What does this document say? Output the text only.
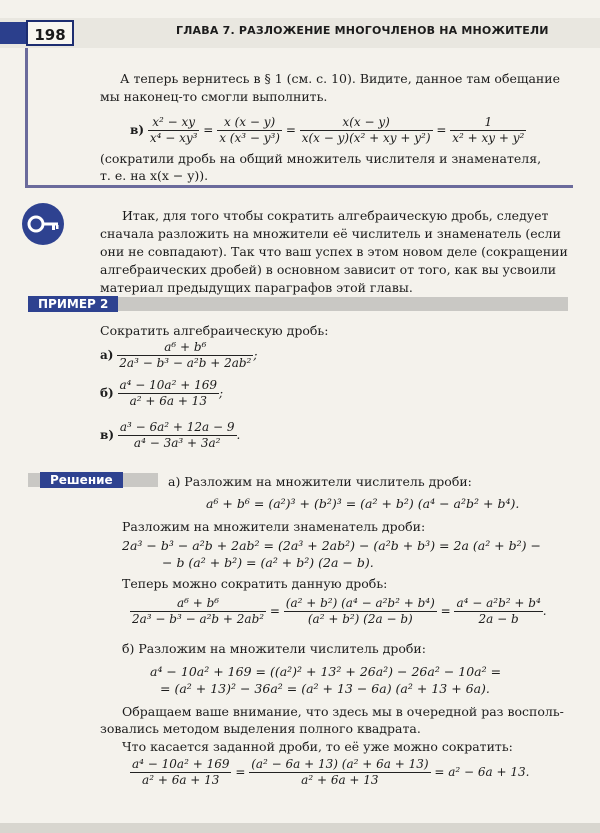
198	ГЛАВА 7. РАЗЛОЖЕНИЕ МНОГОЧЛЕНОВ НА МНОЖИТЕЛИ
А теперь вернитесь в § 1 (см. с. 10). Видите, данное там обещание
мы наконец-то смогли выполнить.
$в) \frac{\text{x² − xy}}{\text{x⁴ − xy³}} = \frac{x (x - y)}{\text{x (x³ − y³)}} = \frac{x(x - y)}{\text{x(x − y)(x² + xy + y²)}} = \frac{1}{\text{x² + xy + y²}}$
(сократили дробь на общий множитель числителя и знаменателя,
т. е. на x(x − y)).
Итак, для того чтобы сократить алгебраическую дробь, следует
сначала разложить на множители её числитель и знаменатель (если
они не совпадают). Так что ваш успех в этом новом деле (сокращении
алгебраических дробей) в основном зависит от того, как вы усвоили
материал предыдущих параграфов этой главы.
ПРИМЕР 2
Сократить алгебраическую дробь:
$а) \frac{\text{a⁶ + b⁶}}{\text{2a³ − b³ − a²b + 2ab²}}$ ;
$б) \frac{\text{a⁴ − 10a² + 169}}{\text{a² + 6a + 13}}$ ;
$в) \frac{\text{a³ − 6a² + 12a − 9}}{\text{a⁴ − 3a³ + 3a²}}$ .
Решение	а) Разложим на множители числитель дроби:
a⁶ + b⁶ = (a²)³ + (b²)³ = (a² + b²) (a⁴ − a²b² + b⁴).
Разложим на множители знаменатель дроби:
2a³ − b³ − a²b + 2ab² = (2a³ + 2ab²) − (a²b + b³) = 2a (a² + b²) −
− b (a² + b²) = (a² + b²) (2a − b).
Теперь можно сократить данную дробь:
$\frac{\text{a⁶ + b⁶}}{\text{2a³ − b³ − a²b + 2ab²}} = \frac{\text{(a² + b²) (a⁴ − a²b² + b⁴)}}{\text{(a² + b²) (2a − b)}} = \frac{\text{a⁴ − a²b² + b⁴}}{2a - b}$ .
б) Разложим на множители числитель дроби:
a⁴ − 10a² + 169 = ((a²)² + 13² + 26a²) − 26a² − 10a² =
= (a² + 13)² − 36a² = (a² + 13 − 6a) (a² + 13 + 6a).
Обращаем ваше внимание, что здесь мы в очередной раз восполь-
зовались методом выделения полного квадрата.
Что касается заданной дроби, то её уже можно сократить:
$\frac{\text{a⁴ − 10a² + 169}}{\text{a² + 6a + 13}} = \frac{\text{(a² − 6a + 13) (a² + 6a + 13)}}{\text{a² + 6a + 13}} = a^2 - 6a + 13$.
